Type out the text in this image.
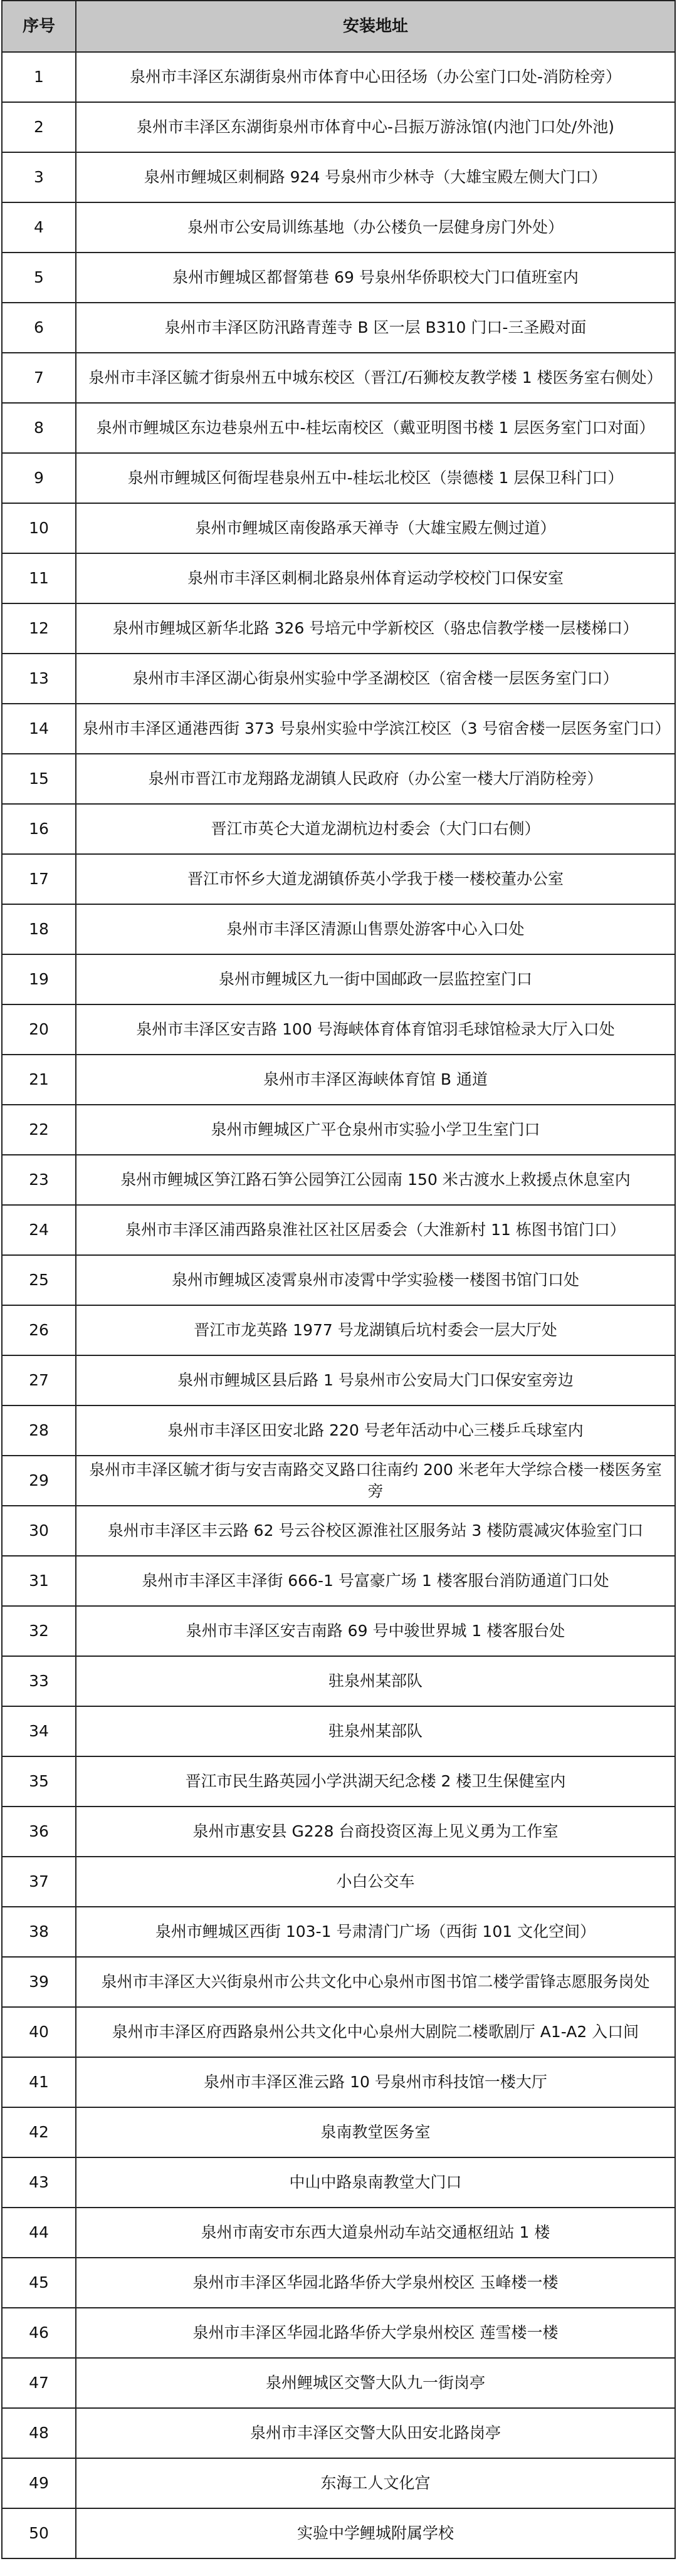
序号	安装地址
1	泉州市丰泽区东湖街泉州市体育中心田径场（办公室门口处-消防栓旁）
2	泉州市丰泽区东湖街泉州市体育中心-吕振万游泳馆(内池门口处/外池)
3	泉州市鲤城区刺桐路 924 号泉州市少林寺（大雄宝殿左侧大门口）
4	泉州市公安局训练基地（办公楼负一层健身房门外处）
5	泉州市鲤城区都督第巷 69 号泉州华侨职校大门口值班室内
6	泉州市丰泽区防汛路青莲寺 B 区一层 B310 门口-三圣殿对面
7	泉州市丰泽区毓才街泉州五中城东校区（晋江/石狮校友教学楼 1 楼医务室右侧处）
8	泉州市鲤城区东边巷泉州五中-桂坛南校区（戴亚明图书楼 1 层医务室门口对面）
9	泉州市鲤城区何衙埕巷泉州五中-桂坛北校区（崇德楼 1 层保卫科门口）
10	泉州市鲤城区南俊路承天禅寺（大雄宝殿左侧过道）
11	泉州市丰泽区刺桐北路泉州体育运动学校校门口保安室
12	泉州市鲤城区新华北路 326 号培元中学新校区（骆忠信教学楼一层楼梯口）
13	泉州市丰泽区湖心街泉州实验中学圣湖校区（宿舍楼一层医务室门口）
14	泉州市丰泽区通港西街 373 号泉州实验中学滨江校区（3 号宿舍楼一层医务室门口）
15	泉州市晋江市龙翔路龙湖镇人民政府（办公室一楼大厅消防栓旁）
16	晋江市英仑大道龙湖杭边村委会（大门口右侧）
17	晋江市怀乡大道龙湖镇侨英小学我于楼一楼校董办公室
18	泉州市丰泽区清源山售票处游客中心入口处
19	泉州市鲤城区九一街中国邮政一层监控室门口
20	泉州市丰泽区安吉路 100 号海峡体育体育馆羽毛球馆检录大厅入口处
21	泉州市丰泽区海峡体育馆 B 通道
22	泉州市鲤城区广平仓泉州市实验小学卫生室门口
23	泉州市鲤城区笋江路石笋公园笋江公园南 150 米古渡水上救援点休息室内
24	泉州市丰泽区浦西路泉淮社区社区居委会（大淮新村 11 栋图书馆门口）
25	泉州市鲤城区凌霄泉州市凌霄中学实验楼一楼图书馆门口处
26	晋江市龙英路 1977 号龙湖镇后坑村委会一层大厅处
27	泉州市鲤城区县后路 1 号泉州市公安局大门口保安室旁边
28	泉州市丰泽区田安北路 220 号老年活动中心三楼乒乓球室内
29	泉州市丰泽区毓才街与安吉南路交叉路口往南约 200 米老年大学综合楼一楼医务室旁
30	泉州市丰泽区丰云路 62 号云谷校区源淮社区服务站 3 楼防震减灾体验室门口
31	泉州市丰泽区丰泽街 666-1 号富豪广场 1 楼客服台消防通道门口处
32	泉州市丰泽区安吉南路 69 号中骏世界城 1 楼客服台处
33	驻泉州某部队
34	驻泉州某部队
35	晋江市民生路英园小学洪湖天纪念楼 2 楼卫生保健室内
36	泉州市惠安县 G228 台商投资区海上见义勇为工作室
37	小白公交车
38	泉州市鲤城区西街 103-1 号肃清门广场（西街 101 文化空间）
39	泉州市丰泽区大兴街泉州市公共文化中心泉州市图书馆二楼学雷锋志愿服务岗处
40	泉州市丰泽区府西路泉州公共文化中心泉州大剧院二楼歌剧厅 A1-A2 入口间
41	泉州市丰泽区淮云路 10 号泉州市科技馆一楼大厅
42	泉南教堂医务室
43	中山中路泉南教堂大门口
44	泉州市南安市东西大道泉州动车站交通枢纽站 1 楼
45	泉州市丰泽区华园北路华侨大学泉州校区 玉峰楼一楼
46	泉州市丰泽区华园北路华侨大学泉州校区 莲雪楼一楼
47	泉州鲤城区交警大队九一街岗亭
48	泉州市丰泽区交警大队田安北路岗亭
49	东海工人文化宫
50	实验中学鲤城附属学校
